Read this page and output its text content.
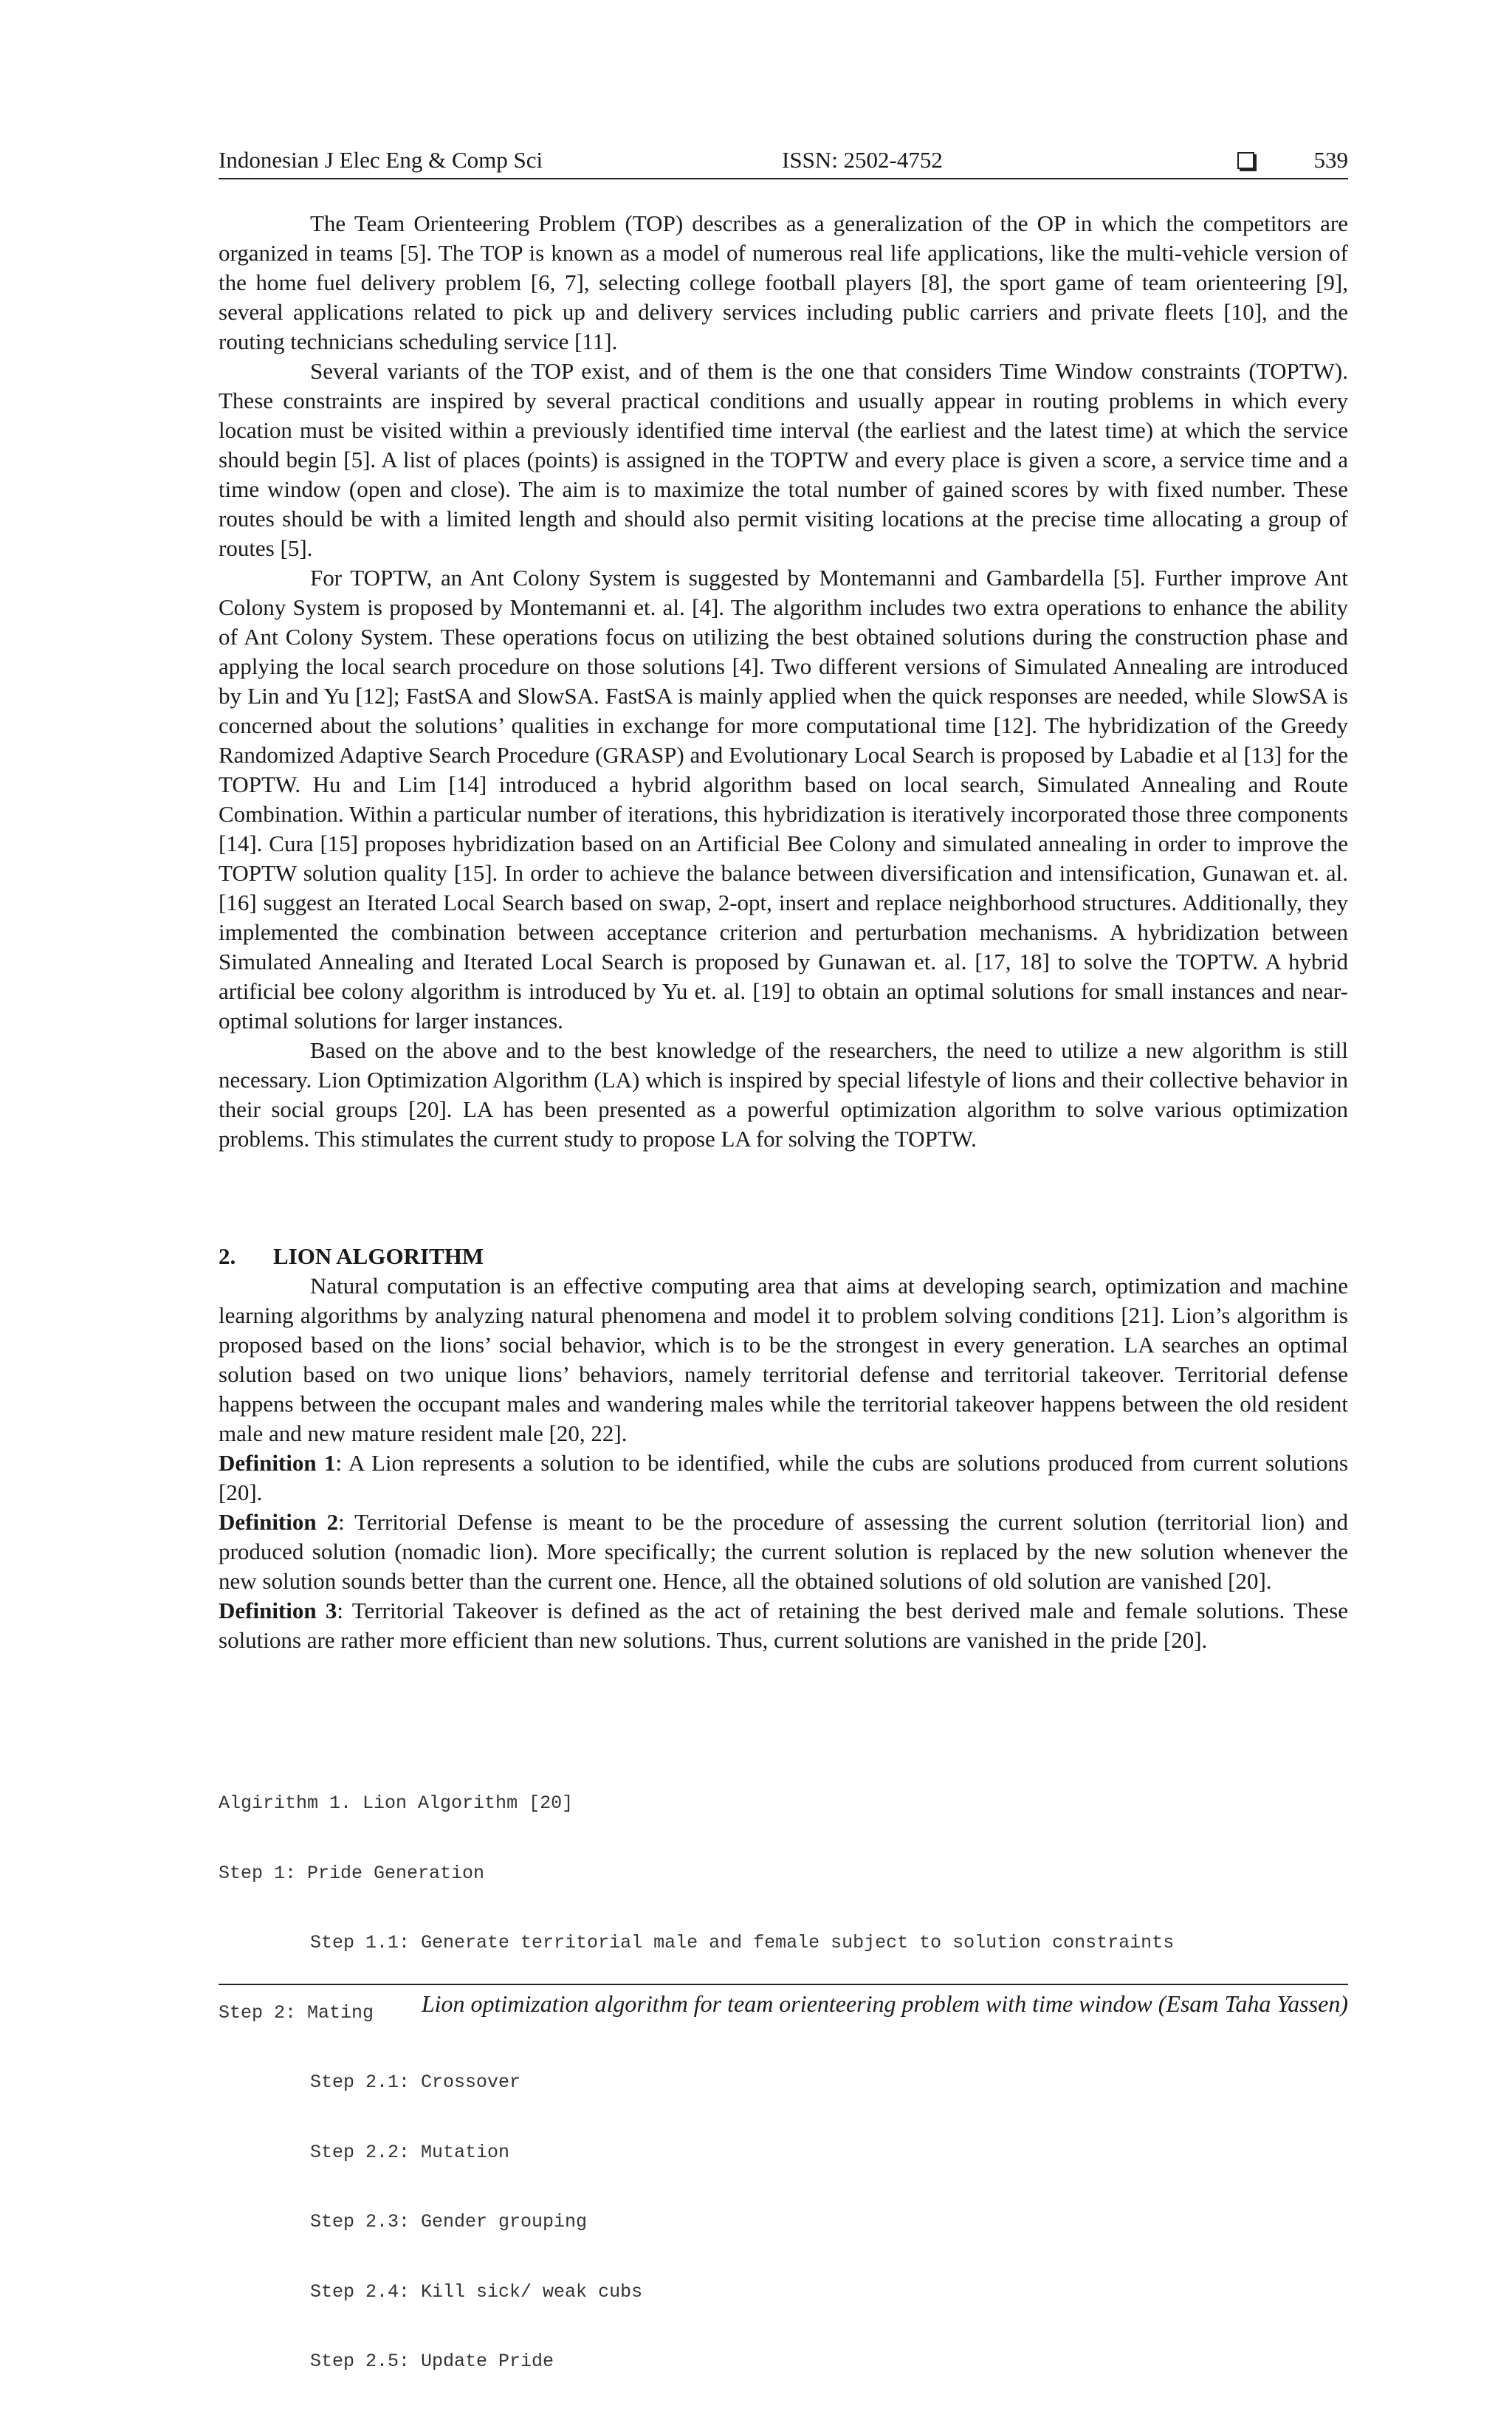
Indonesian J Elec Eng & Comp Sci	ISSN: 2502-4752	539

The Team Orienteering Problem (TOP) describes as a generalization of the OP in which the competitors are organized in teams [5]. The TOP is known as a model of numerous real life applications, like the multi-vehicle version of the home fuel delivery problem [6, 7], selecting college football players [8], the sport game of team orienteering [9], several applications related to pick up and delivery services including public carriers and private fleets [10], and the routing technicians scheduling service [11].

Several variants of the TOP exist, and of them is the one that considers Time Window constraints (TOPTW). These constraints are inspired by several practical conditions and usually appear in routing problems in which every location must be visited within a previously identified time interval (the earliest and the latest time) at which the service should begin [5]. A list of places (points) is assigned in the TOPTW and every place is given a score, a service time and a time window (open and close). The aim is to maximize the total number of gained scores by with fixed number. These routes should be with a limited length and should also permit visiting locations at the precise time allocating a group of routes [5].

For TOPTW, an Ant Colony System is suggested by Montemanni and Gambardella [5]. Further improve Ant Colony System is proposed by Montemanni et. al. [4]. The algorithm includes two extra operations to enhance the ability of Ant Colony System. These operations focus on utilizing the best obtained solutions during the construction phase and applying the local search procedure on those solutions [4]. Two different versions of Simulated Annealing are introduced by Lin and Yu [12]; FastSA and SlowSA. FastSA is mainly applied when the quick responses are needed, while SlowSA is concerned about the solutions’ qualities in exchange for more computational time [12]. The hybridization of the Greedy Randomized Adaptive Search Procedure (GRASP) and Evolutionary Local Search is proposed by Labadie et al [13] for the TOPTW. Hu and Lim [14] introduced a hybrid algorithm based on local search, Simulated Annealing and Route Combination. Within a particular number of iterations, this hybridization is iteratively incorporated those three components [14]. Cura [15] proposes hybridization based on an Artificial Bee Colony and simulated annealing in order to improve the TOPTW solution quality [15]. In order to achieve the balance between diversification and intensification, Gunawan et. al. [16] suggest an Iterated Local Search based on swap, 2-opt, insert and replace neighborhood structures. Additionally, they implemented the combination between acceptance criterion and perturbation mechanisms. A hybridization between Simulated Annealing and Iterated Local Search is proposed by Gunawan et. al. [17, 18] to solve the TOPTW. A hybrid artificial bee colony algorithm is introduced by Yu et. al. [19] to obtain an optimal solutions for small instances and near-optimal solutions for larger instances.

Based on the above and to the best knowledge of the researchers, the need to utilize a new algorithm is still necessary. Lion Optimization Algorithm (LA) which is inspired by special lifestyle of lions and their collective behavior in their social groups [20]. LA has been presented as a powerful optimization algorithm to solve various optimization problems. This stimulates the current study to propose LA for solving the TOPTW.

2. LION ALGORITHM

Natural computation is an effective computing area that aims at developing search, optimization and machine learning algorithms by analyzing natural phenomena and model it to problem solving conditions [21]. Lion’s algorithm is proposed based on the lions’ social behavior, which is to be the strongest in every generation. LA searches an optimal solution based on two unique lions’ behaviors, namely territorial defense and territorial takeover. Territorial defense happens between the occupant males and wandering males while the territorial takeover happens between the old resident male and new mature resident male [20, 22].

Definition 1: A Lion represents a solution to be identified, while the cubs are solutions produced from current solutions [20].

Definition 2: Territorial Defense is meant to be the procedure of assessing the current solution (territorial lion) and produced solution (nomadic lion). More specifically; the current solution is replaced by the new solution whenever the new solution sounds better than the current one. Hence, all the obtained solutions of old solution are vanished [20].

Definition 3: Territorial Takeover is defined as the act of retaining the best derived male and female solutions. These solutions are rather more efficient than new solutions. Thus, current solutions are vanished in the pride [20].

Algirithm 1. Lion Algorithm [20]

Step 1: Pride Generation

Step 1.1: Generate territorial male and female subject to solution constraints

Step 2: Mating

Step 2.1: Crossover

Step 2.2: Mutation

Step 2.3: Gender grouping

Step 2.4: Kill sick/ weak cubs

Step 2.5: Update Pride

Lion optimization algorithm for team orienteering problem with time window (Esam Taha Yassen)
